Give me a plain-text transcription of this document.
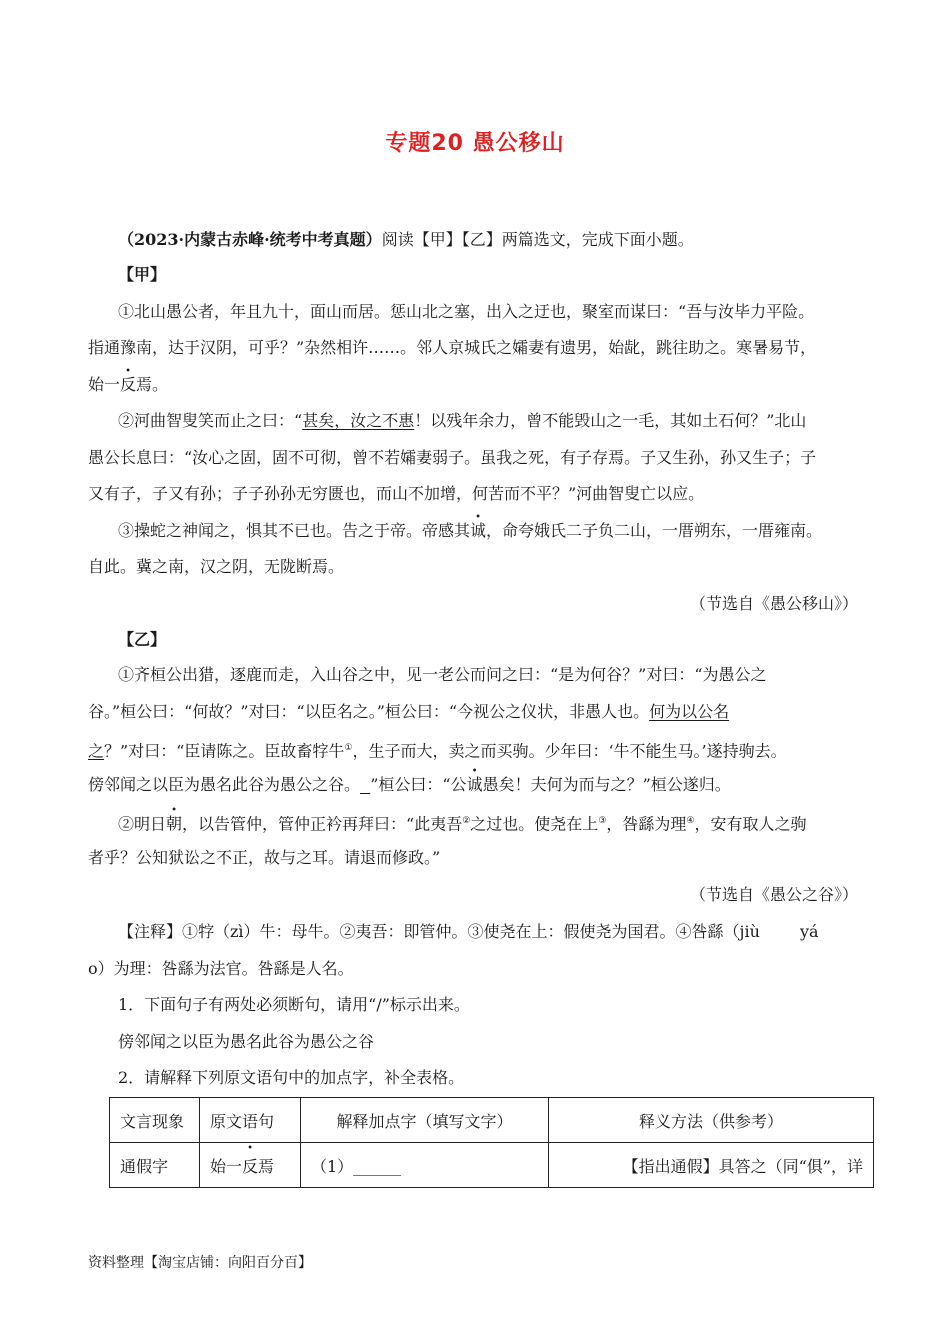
专题20 愚公移山
（2023·内蒙古赤峰·统考中考真题）阅读【甲】【乙】两篇选文，完成下面小题。
【甲】
①北山愚公者，年且九十，面山而居。惩山北之塞，出入之迂也，聚室而谋曰：“吾与汝毕力平险。
指通豫南，达于汉阴，可乎？”杂然相许……。邻人京城氏之孀妻有遗男，始龀，跳往助之。寒暑易节，
始一反焉。
②河曲智叟笑而止之曰：“甚矣，汝之不惠！以残年余力，曾不能毁山之一毛，其如土石何？”北山
愚公长息曰：“汝心之固，固不可彻，曾不若孀妻弱子。虽我之死，有子存焉。子又生孙，孙又生子；子
又有子，子又有孙；子子孙孙无穷匮也，而山不加增，何苦而不平？”河曲智叟亡以应。
③操蛇之神闻之，惧其不已也。告之于帝。帝感其诚，命夸娥氏二子负二山，一厝朔东，一厝雍南。
自此。冀之南，汉之阴，无陇断焉。
（节选自《愚公移山》）
【乙】
①齐桓公出猎，逐鹿而走，入山谷之中，见一老公而问之曰：“是为何谷？”对曰：“为愚公之
谷。”桓公曰：“何故？”对曰：“以臣名之。”桓公曰：“今视公之仪状，非愚人也。何为以公名
之？”对曰：“臣请陈之。臣故畜牸牛①，生子而大，卖之而买驹。少年曰：‘牛不能生马。’遂持驹去。
傍邻闻之以臣为愚名此谷为愚公之谷。 ”桓公曰：“公诚愚矣！夫何为而与之？”桓公遂归。
②明日朝，以告管仲，管仲正衿再拜曰：“此夷吾②之过也。使尧在上③，咎繇为理④，安有取人之驹
者乎？公知狱讼之不正，故与之耳。请退而修政。”
（节选自《愚公之谷》）
【注释】①牸（zì）牛：母牛。②夷吾：即管仲。③使尧在上：假使尧为国君。④咎繇（jiù	yá
o）为理：咎繇为法官。咎繇是人名。
1．下面句子有两处必须断句，请用“/”标示出来。
傍邻闻之以臣为愚名此谷为愚公之谷
2．请解释下列原文语句中的加点字，补全表格。
文言现象	原文语句	解释加点字（填写文字）	释义方法（供参考）
通假字	始一反焉	（1）______	【指出通假】具答之（同“俱”，详
资料整理【淘宝店铺：向阳百分百】
